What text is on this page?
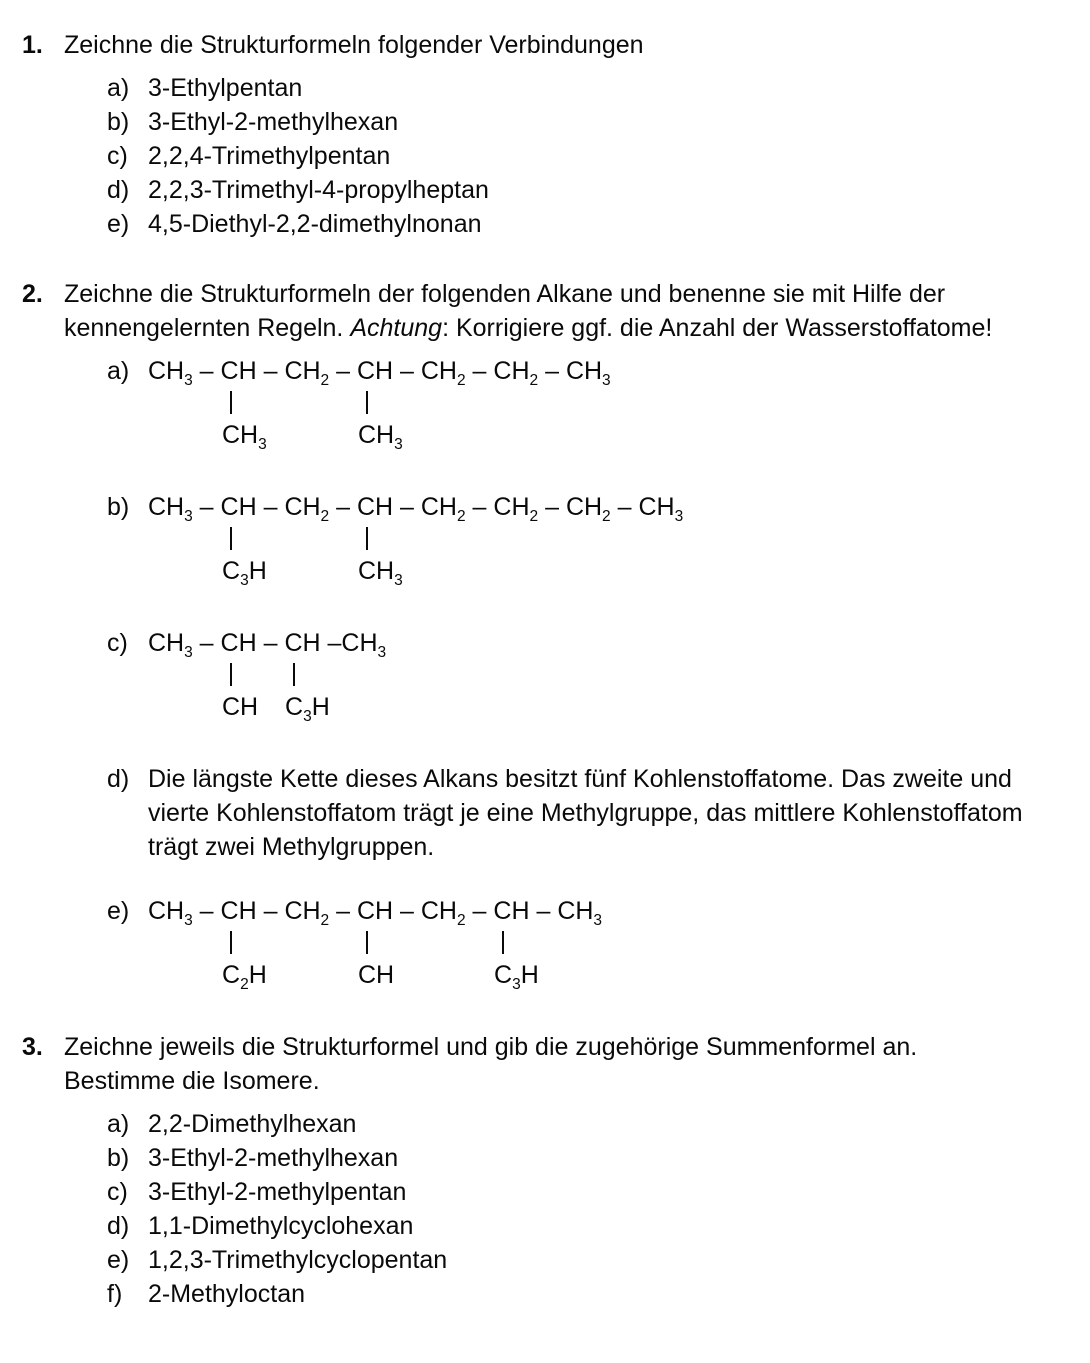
1. Zeichne die Strukturformeln folgender Verbindungen
a) 3-Ethylpentan
b) 3-Ethyl-2-methylhexan
c) 2,2,4-Trimethylpentan
d) 2,2,3-Trimethyl-4-propylheptan
e) 4,5-Diethyl-2,2-dimethylnonan
2. Zeichne die Strukturformeln der folgenden Alkane und benenne sie mit Hilfe der
kennengelernten Regeln. Achtung: Korrigiere ggf. die Anzahl der Wasserstoffatome!
a) $CH_3$ – CH – $CH_2$ – CH – $CH_2 - CH_2 - CH_3$
$CH_3$	$CH_3$
b) $CH_3$ – CH – $CH_2$ – CH – $CH_2 - CH_2 - CH_2 - CH_3$
$C_3H$	$CH_3$
c) $CH_3$ – CH – CH $-CH_3$
CH $C_3H$
d) Die längste Kette dieses Alkans besitzt fünf Kohlenstoffatome. Das zweite und vierte Kohlenstoffatom trägt je eine Methylgruppe, das mittlere Kohlenstoffatom trägt zwei Methylgruppen.
e) $CH_3$ – CH – $CH_2$ – CH – $CH_2$ – CH – $CH_3$
$C_2H$	CH	$C_3H$
3. Zeichne jeweils die Strukturformel und gib die zugehörige Summenformel an.
Bestimme die Isomere.
a) 2,2-Dimethylhexan
b) 3-Ethyl-2-methylhexan
c) 3-Ethyl-2-methylpentan
d) 1,1-Dimethylcyclohexan
e) 1,2,3-Trimethylcyclopentan
f)	2-Methyloctan
